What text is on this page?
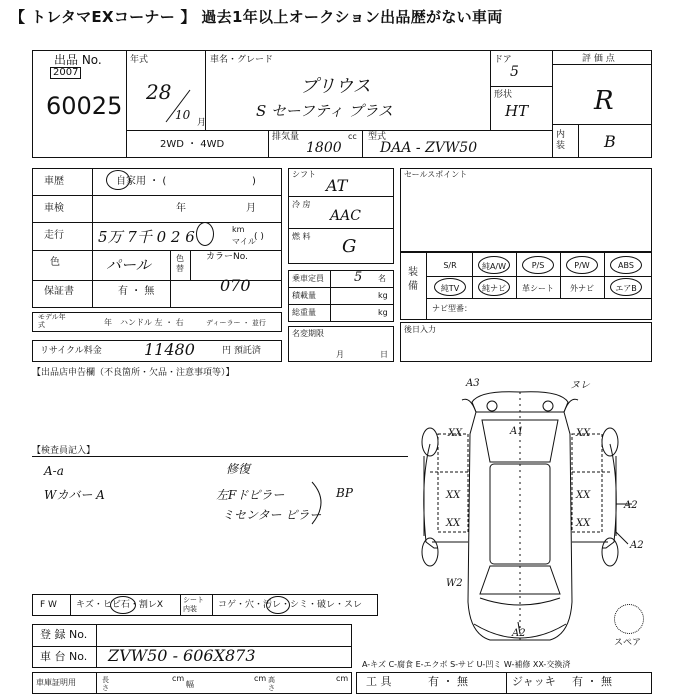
【 トレタマEXコーナー 】 過去1年以上オークション出品歴がない車両
出品 No.
2007
60025
年式
28
10
月
車名・グレード
プリウス
S セーフティ プラス
ドア
5
形状
HT
評 価 点
R
内装	B
2WD ・ 4WD
排気量	cc
1800
型式
DAA - ZVW50
車歴	自家用 ・ (	)
車検	年	月
走行 5万 7千 0 2 6	km
マイル
( )
色	パール	色替
カラーNo.
070
保証書	有 ・ 無
モデル年式	年 ハンドル 左 ・ 右	ディーラー ・ 並行
リサイクル料金	11480	円 預託済
シフト
AT
冷 房
AAC
燃 料 G
乗車定員 5 名
積載量	kg
総重量	kg
名変期限
月	日
セールスポイント
装備
S/R	純A/W	P/S	P/W	ABS
純TV	純ナビ	革シート	外ナビ	エアB
ナビ型番：
後日入力
【出品店申告欄（不良箇所・欠品・注意事項等）】
【検査員記入】
A-a
Wカバー A
修復
左Fドピラー
ミセンター ピラー
BP
F W キズ・ヒビ石・割レX	シート内装	コゲ・穴・汚レ・シミ・破レ・スレ
登 録 No.
車 台 No. ZVW50 - 606X873
車庫証明用	長さ
cm
幅
cm 高さ
cm
A-キズ C-腐食 E-エクボ S-サビ U-凹ミ W-補修 XX-交換済
工 具	有 ・ 無	ジャッキ 有 ・ 無
スペア
A3	ヌレ
A1
XX	XX
XX	XX
XX	XX
A2
W2
A2
A2
